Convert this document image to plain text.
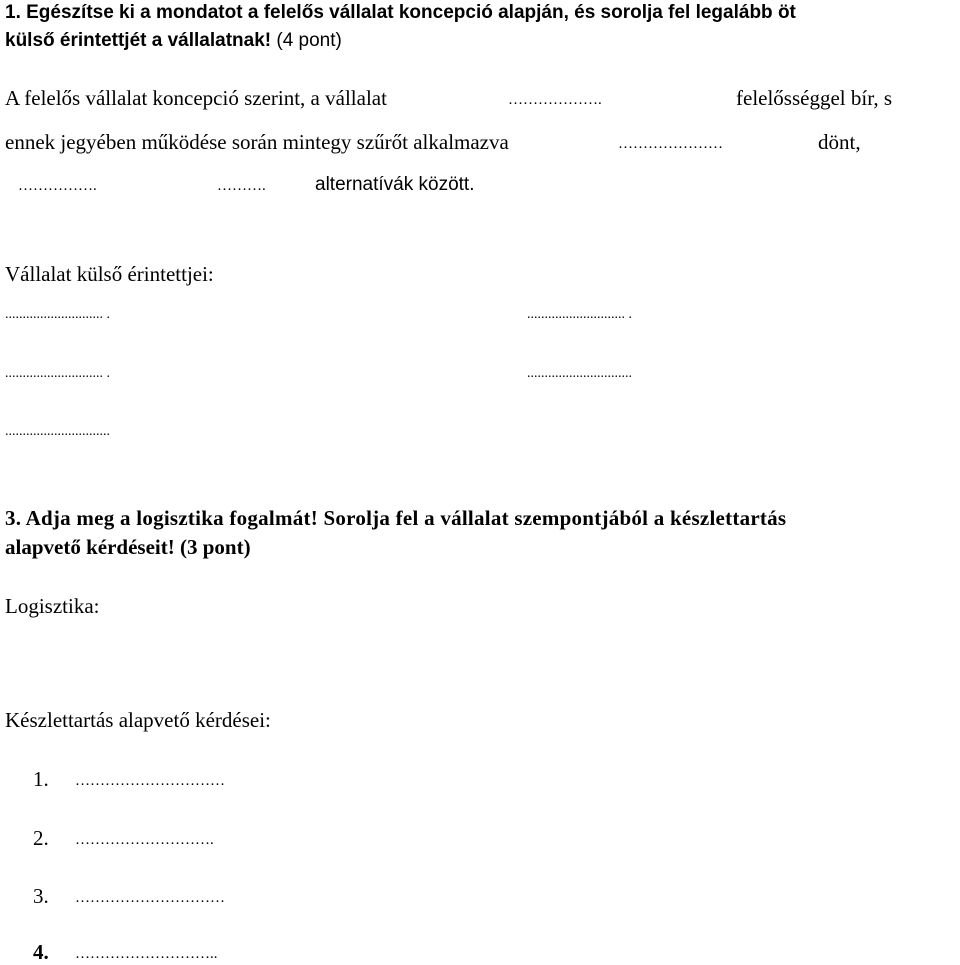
1. Egészítse ki a mondatot a felelős vállalat koncepció alapján, és sorolja fel legalább öt
külső érintettjét a vállalatnak! (4 pont)
A felelős vállalat koncepció szerint, a vállalat	……………….	felelősséggel bír, s
ennek jegyében működése során mintegy szűrőt alkalmazva	…………………	dönt,
…………….	……….	alternatívák között.
Vállalat külső érintettjei:
............................ .	............................ .
............................ .	..............................
..............................
3. Adja meg a logisztika fogalmát! Sorolja fel a vállalat szempontjából a készlettartás
alapvető kérdéseit! (3 pont)
Logisztika:
Készlettartás alapvető kérdései:
1. …………………………
2. ……………………….
3. …………………………
4. ………………………..
